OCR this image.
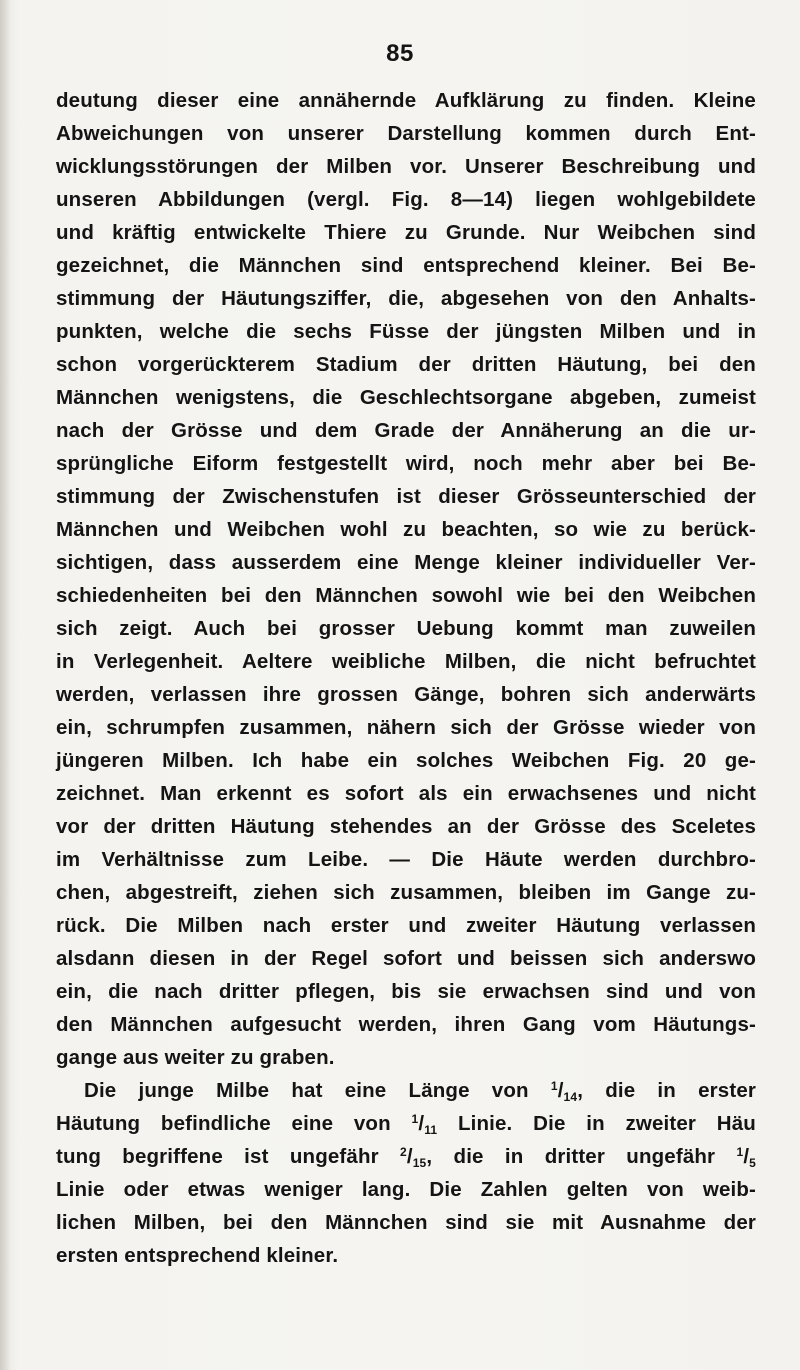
85
deutung dieser eine annähernde Aufklärung zu finden. Kleine
Abweichungen von unserer Darstellung kommen durch Ent-
wicklungsstörungen der Milben vor. Unserer Beschreibung und
unseren Abbildungen (vergl. Fig. 8—14) liegen wohlgebildete
und kräftig entwickelte Thiere zu Grunde. Nur Weibchen sind
gezeichnet, die Männchen sind entsprechend kleiner. Bei Be-
stimmung der Häutungsziffer, die, abgesehen von den Anhalts-
punkten, welche die sechs Füsse der jüngsten Milben und in
schon vorgerückterem Stadium der dritten Häutung, bei den
Männchen wenigstens, die Geschlechtsorgane abgeben, zumeist
nach der Grösse und dem Grade der Annäherung an die ur-
sprüngliche Eiform festgestellt wird, noch mehr aber bei Be-
stimmung der Zwischenstufen ist dieser Grösseunterschied der
Männchen und Weibchen wohl zu beachten, so wie zu berück-
sichtigen, dass ausserdem eine Menge kleiner individueller Ver-
schiedenheiten bei den Männchen sowohl wie bei den Weibchen
sich zeigt. Auch bei grosser Uebung kommt man zuweilen
in Verlegenheit. Aeltere weibliche Milben, die nicht befruchtet
werden, verlassen ihre grossen Gänge, bohren sich anderwärts
ein, schrumpfen zusammen, nähern sich der Grösse wieder von
jüngeren Milben. Ich habe ein solches Weibchen Fig. 20 ge-
zeichnet. Man erkennt es sofort als ein erwachsenes und nicht
vor der dritten Häutung stehendes an der Grösse des Sceletes
im Verhältnisse zum Leibe. — Die Häute werden durchbro-
chen, abgestreift, ziehen sich zusammen, bleiben im Gange zu-
rück. Die Milben nach erster und zweiter Häutung verlassen
alsdann diesen in der Regel sofort und beissen sich anderswo
ein, die nach dritter pflegen, bis sie erwachsen sind und von
den Männchen aufgesucht werden, ihren Gang vom Häutungs-
gange aus weiter zu graben.
Die junge Milbe hat eine Länge von $^1/_{14}$, die in erster
Häutung befindliche eine von $^1/_{11}$ Linie. Die in zweiter Häu
tung begriffene ist ungefähr $^2/_{15}$, die in dritter ungefähr $^1/_5$
Linie oder etwas weniger lang. Die Zahlen gelten von weib-
lichen Milben, bei den Männchen sind sie mit Ausnahme der
ersten entsprechend kleiner.
